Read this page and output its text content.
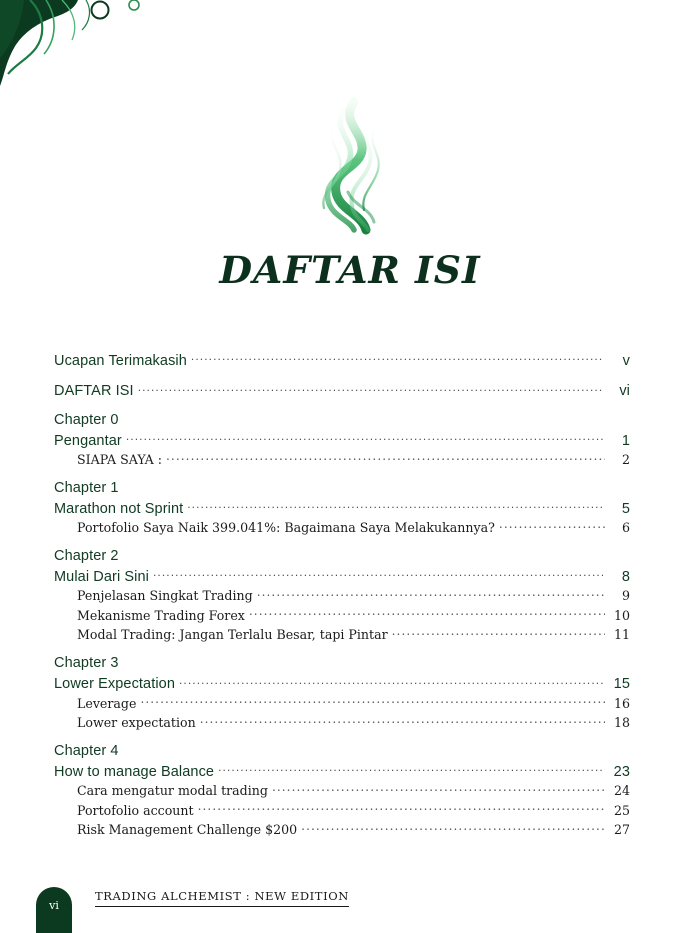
DAFTAR ISI
Ucapan Terimakasih .....	v
DAFTAR ISI .....	vi
Chapter 0
Pengantar .....	1
SIAPA SAYA : .....	2
Chapter 1
Marathon not Sprint .....	5
Portofolio Saya Naik 399.041%: Bagaimana Saya Melakukannya? .....	6
Chapter 2
Mulai Dari Sini .....	8
Penjelasan Singkat Trading .....	9
Mekanisme Trading Forex .....	10
Modal Trading: Jangan Terlalu Besar, tapi Pintar .....	11
Chapter 3
Lower Expectation .....	15
Leverage .....	16
Lower expectation .....	18
Chapter 4
How to manage Balance .....	23
Cara mengatur modal trading .....	24
Portofolio account .....	25
Risk Management Challenge $200 .....	27
vi
TRADING ALCHEMIST : NEW EDITION
